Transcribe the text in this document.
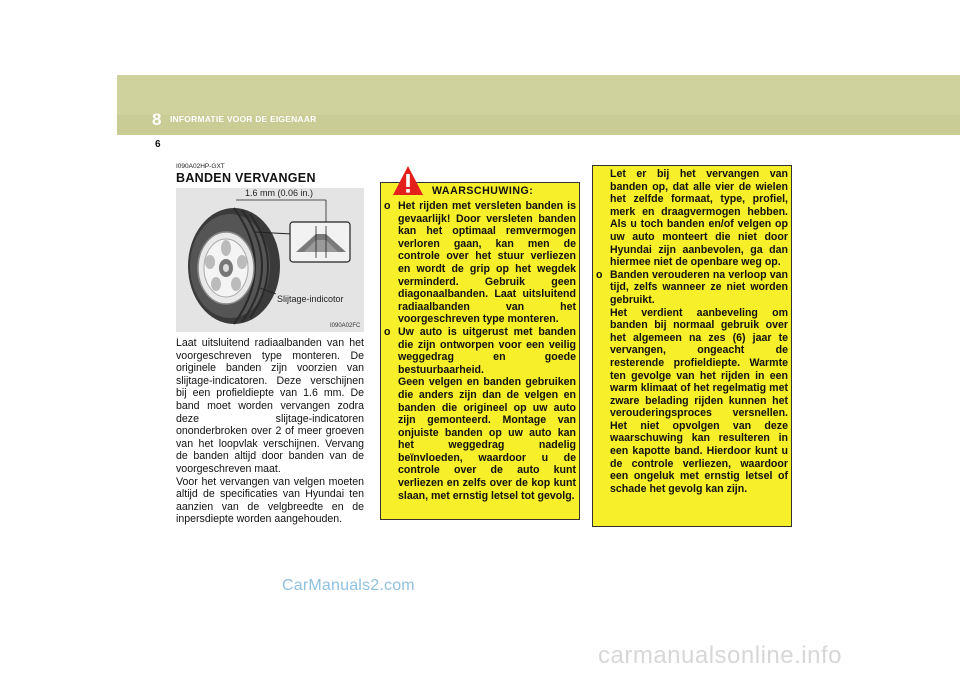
8 INFORMATIE VOOR DE EIGENAAR
6
I090A02HP-GXT
BANDEN VERVANGEN
1.6 mm (0.06 in.)
Slijtage-indicotor
I090A02FC

Laat uitsluitend radiaalbanden van het voorgeschreven type monteren. De originele banden zijn voorzien van slijtage-indicatoren. Deze verschijnen bij een profieldiepte van 1.6 mm. De band moet worden vervangen zodra deze slijtage-indicatoren ononderbroken over 2 of meer groeven van het loopvlak verschijnen. Vervang de banden altijd door banden van de voorgeschreven maat.

Voor het vervangen van velgen moeten altijd de specificaties van Hyundai ten aanzien van de velgbreedte en de inpersdiepte worden aangehouden.

WAARSCHUWING:
o Het rijden met versleten banden is gevaarlijk! Door versleten banden kan het optimaal remvermogen verloren gaan, kan men de controle over het stuur verliezen en wordt de grip op het wegdek verminderd. Gebruik geen diagonaalbanden. Laat uitsluitend radiaalbanden van het voorgeschreven type monteren.
o Uw auto is uitgerust met banden die zijn ontworpen voor een veilig weggedrag en goede bestuurbaarheid.
Geen velgen en banden gebruiken die anders zijn dan de velgen en banden die origineel op uw auto zijn gemonteerd. Montage van onjuiste banden op uw auto kan het weggedrag nadelig beïnvloeden, waardoor u de controle over de auto kunt verliezen en zelfs over de kop kunt slaan, met ernstig letsel tot gevolg.
Let er bij het vervangen van banden op, dat alle vier de wielen het zelfde formaat, type, profiel, merk en draagvermogen hebben. Als u toch banden en/of velgen op uw auto monteert die niet door Hyundai zijn aanbevolen, ga dan hiermee niet de openbare weg op.
o Banden verouderen na verloop van tijd, zelfs wanneer ze niet worden gebruikt.
Het verdient aanbeveling om banden bij normaal gebruik over het algemeen na zes (6) jaar te vervangen, ongeacht de resterende profieldiepte. Warmte ten gevolge van het rijden in een warm klimaat of het regelmatig met zware belading rijden kunnen het verouderingsproces versnellen. Het niet opvolgen van deze waarschuwing kan resulteren in een kapotte band. Hierdoor kunt u de controle verliezen, waardoor een ongeluk met ernstig letsel of schade het gevolg kan zijn.
CarManuals2.com
carmanualsonline.info
